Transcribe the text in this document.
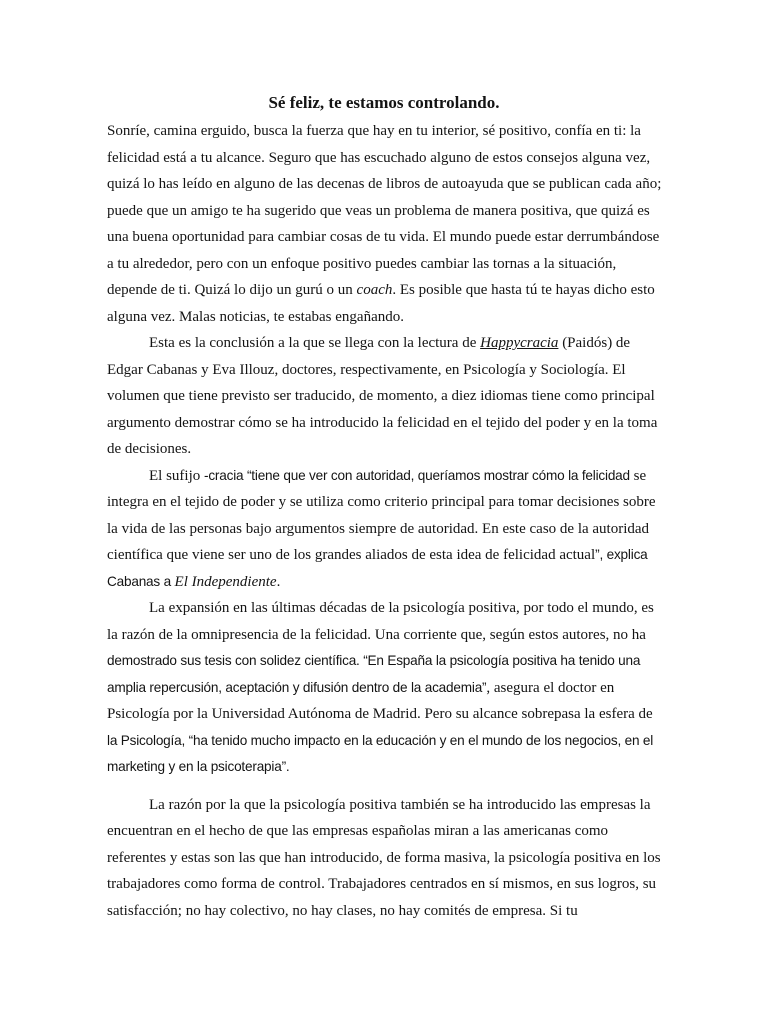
Sé feliz, te estamos controlando.

Sonríe, camina erguido, busca la fuerza que hay en tu interior, sé positivo, confía en ti: la felicidad está a tu alcance. Seguro que has escuchado alguno de estos consejos alguna vez, quizá lo has leído en alguno de las decenas de libros de autoayuda que se publican cada año; puede que un amigo te ha sugerido que veas un problema de manera positiva, que quizá es una buena oportunidad para cambiar cosas de tu vida. El mundo puede estar derrumbándose a tu alrededor, pero con un enfoque positivo puedes cambiar las tornas a la situación, depende de ti. Quizá lo dijo un gurú o un coach. Es posible que hasta tú te hayas dicho esto alguna vez. Malas noticias, te estabas engañando.

Esta es la conclusión a la que se llega con la lectura de Happycracia (Paidós) de Edgar Cabanas y Eva Illouz, doctores, respectivamente, en Psicología y Sociología. El volumen que tiene previsto ser traducido, de momento, a diez idiomas tiene como principal argumento demostrar cómo se ha introducido la felicidad en el tejido del poder y en la toma de decisiones.

El sufijo -cracia “tiene que ver con autoridad, queríamos mostrar cómo la felicidad se integra en el tejido de poder y se utiliza como criterio principal para tomar decisiones sobre la vida de las personas bajo argumentos siempre de autoridad. En este caso de la autoridad científica que viene ser uno de los grandes aliados de esta idea de felicidad actual”, explica Cabanas a El Independiente.

La expansión en las últimas décadas de la psicología positiva, por todo el mundo, es la razón de la omnipresencia de la felicidad. Una corriente que, según estos autores, no ha demostrado sus tesis con solidez científica. “En España la psicología positiva ha tenido una amplia repercusión, aceptación y difusión dentro de la academia”, asegura el doctor en Psicología por la Universidad Autónoma de Madrid. Pero su alcance sobrepasa la esfera de la Psicología, “ha tenido mucho impacto en la educación y en el mundo de los negocios, en el marketing y en la psicoterapia”.

La razón por la que la psicología positiva también se ha introducido las empresas la encuentran en el hecho de que las empresas españolas miran a las americanas como referentes y estas son las que han introducido, de forma masiva, la psicología positiva en los trabajadores como forma de control. Trabajadores centrados en sí mismos, en sus logros, su satisfacción; no hay colectivo, no hay clases, no hay comités de empresa. Si tu
